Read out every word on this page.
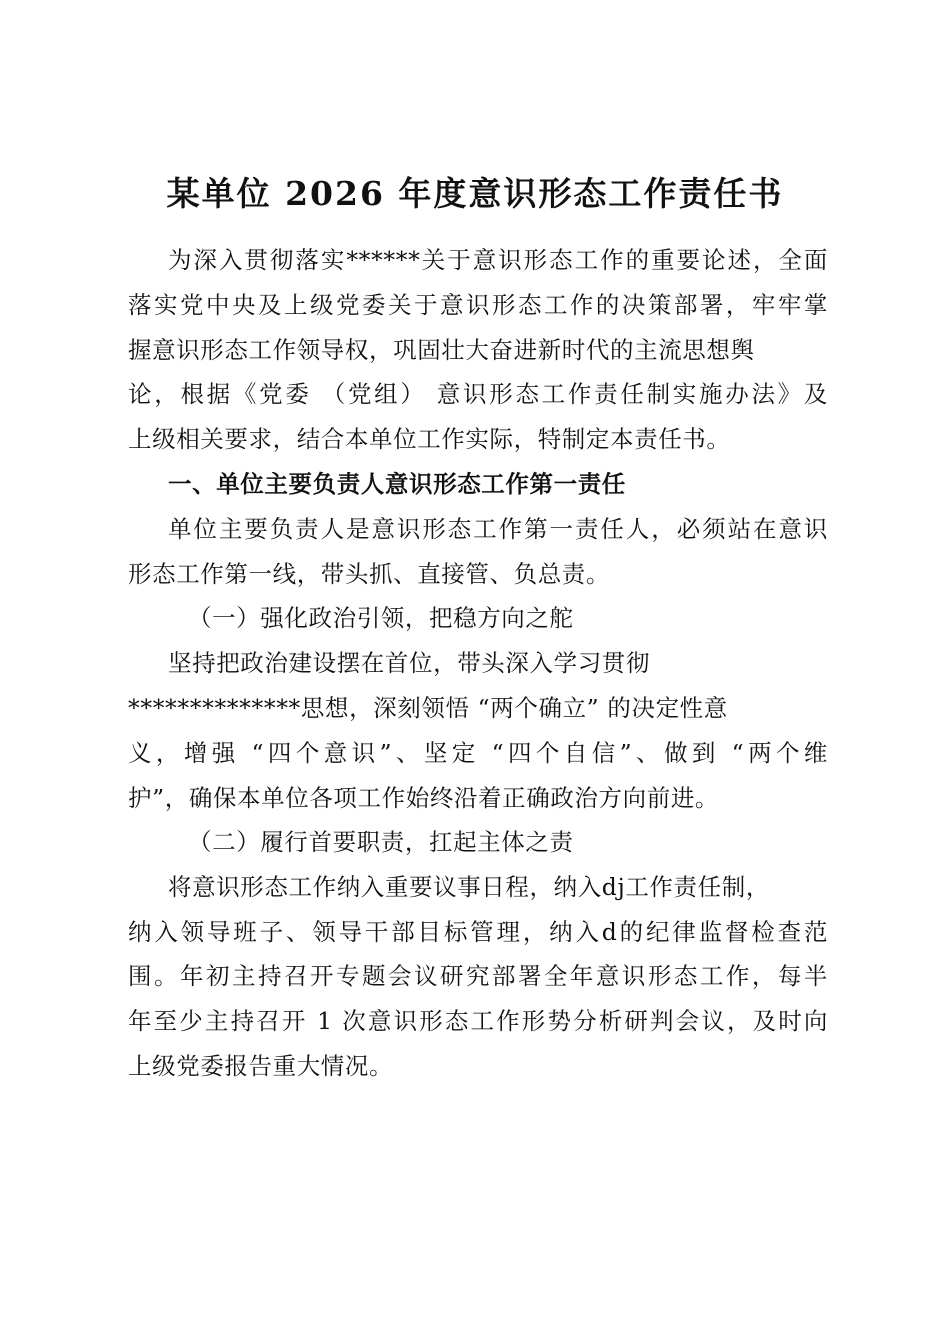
某单位 2026 年度意识形态工作责任书
为深入贯彻落实******关于意识形态工作的重要论述，全面
落实党中央及上级党委关于意识形态工作的决策部署，牢牢掌
握意识形态工作领导权，巩固壮大奋进新时代的主流思想舆
论，根据《党委 （党组） 意识形态工作责任制实施办法》及
上级相关要求，结合本单位工作实际，特制定本责任书。
一、单位主要负责人意识形态工作第一责任
单位主要负责人是意识形态工作第一责任人，必须站在意识
形态工作第一线，带头抓、直接管、负总责。
（一）强化政治引领，把稳方向之舵
坚持把政治建设摆在首位，带头深入学习贯彻
**************思想，深刻领悟 “两个确立” 的决定性意
义，增强 “四个意识”、坚定 “四个自信”、做到 “两个维
护”，确保本单位各项工作始终沿着正确政治方向前进。
（二）履行首要职责，扛起主体之责
将意识形态工作纳入重要议事日程，纳入dj工作责任制，
纳入领导班子、领导干部目标管理，纳入d的纪律监督检查范
围。年初主持召开专题会议研究部署全年意识形态工作，每半
年至少主持召开 1 次意识形态工作形势分析研判会议，及时向
上级党委报告重大情况。
